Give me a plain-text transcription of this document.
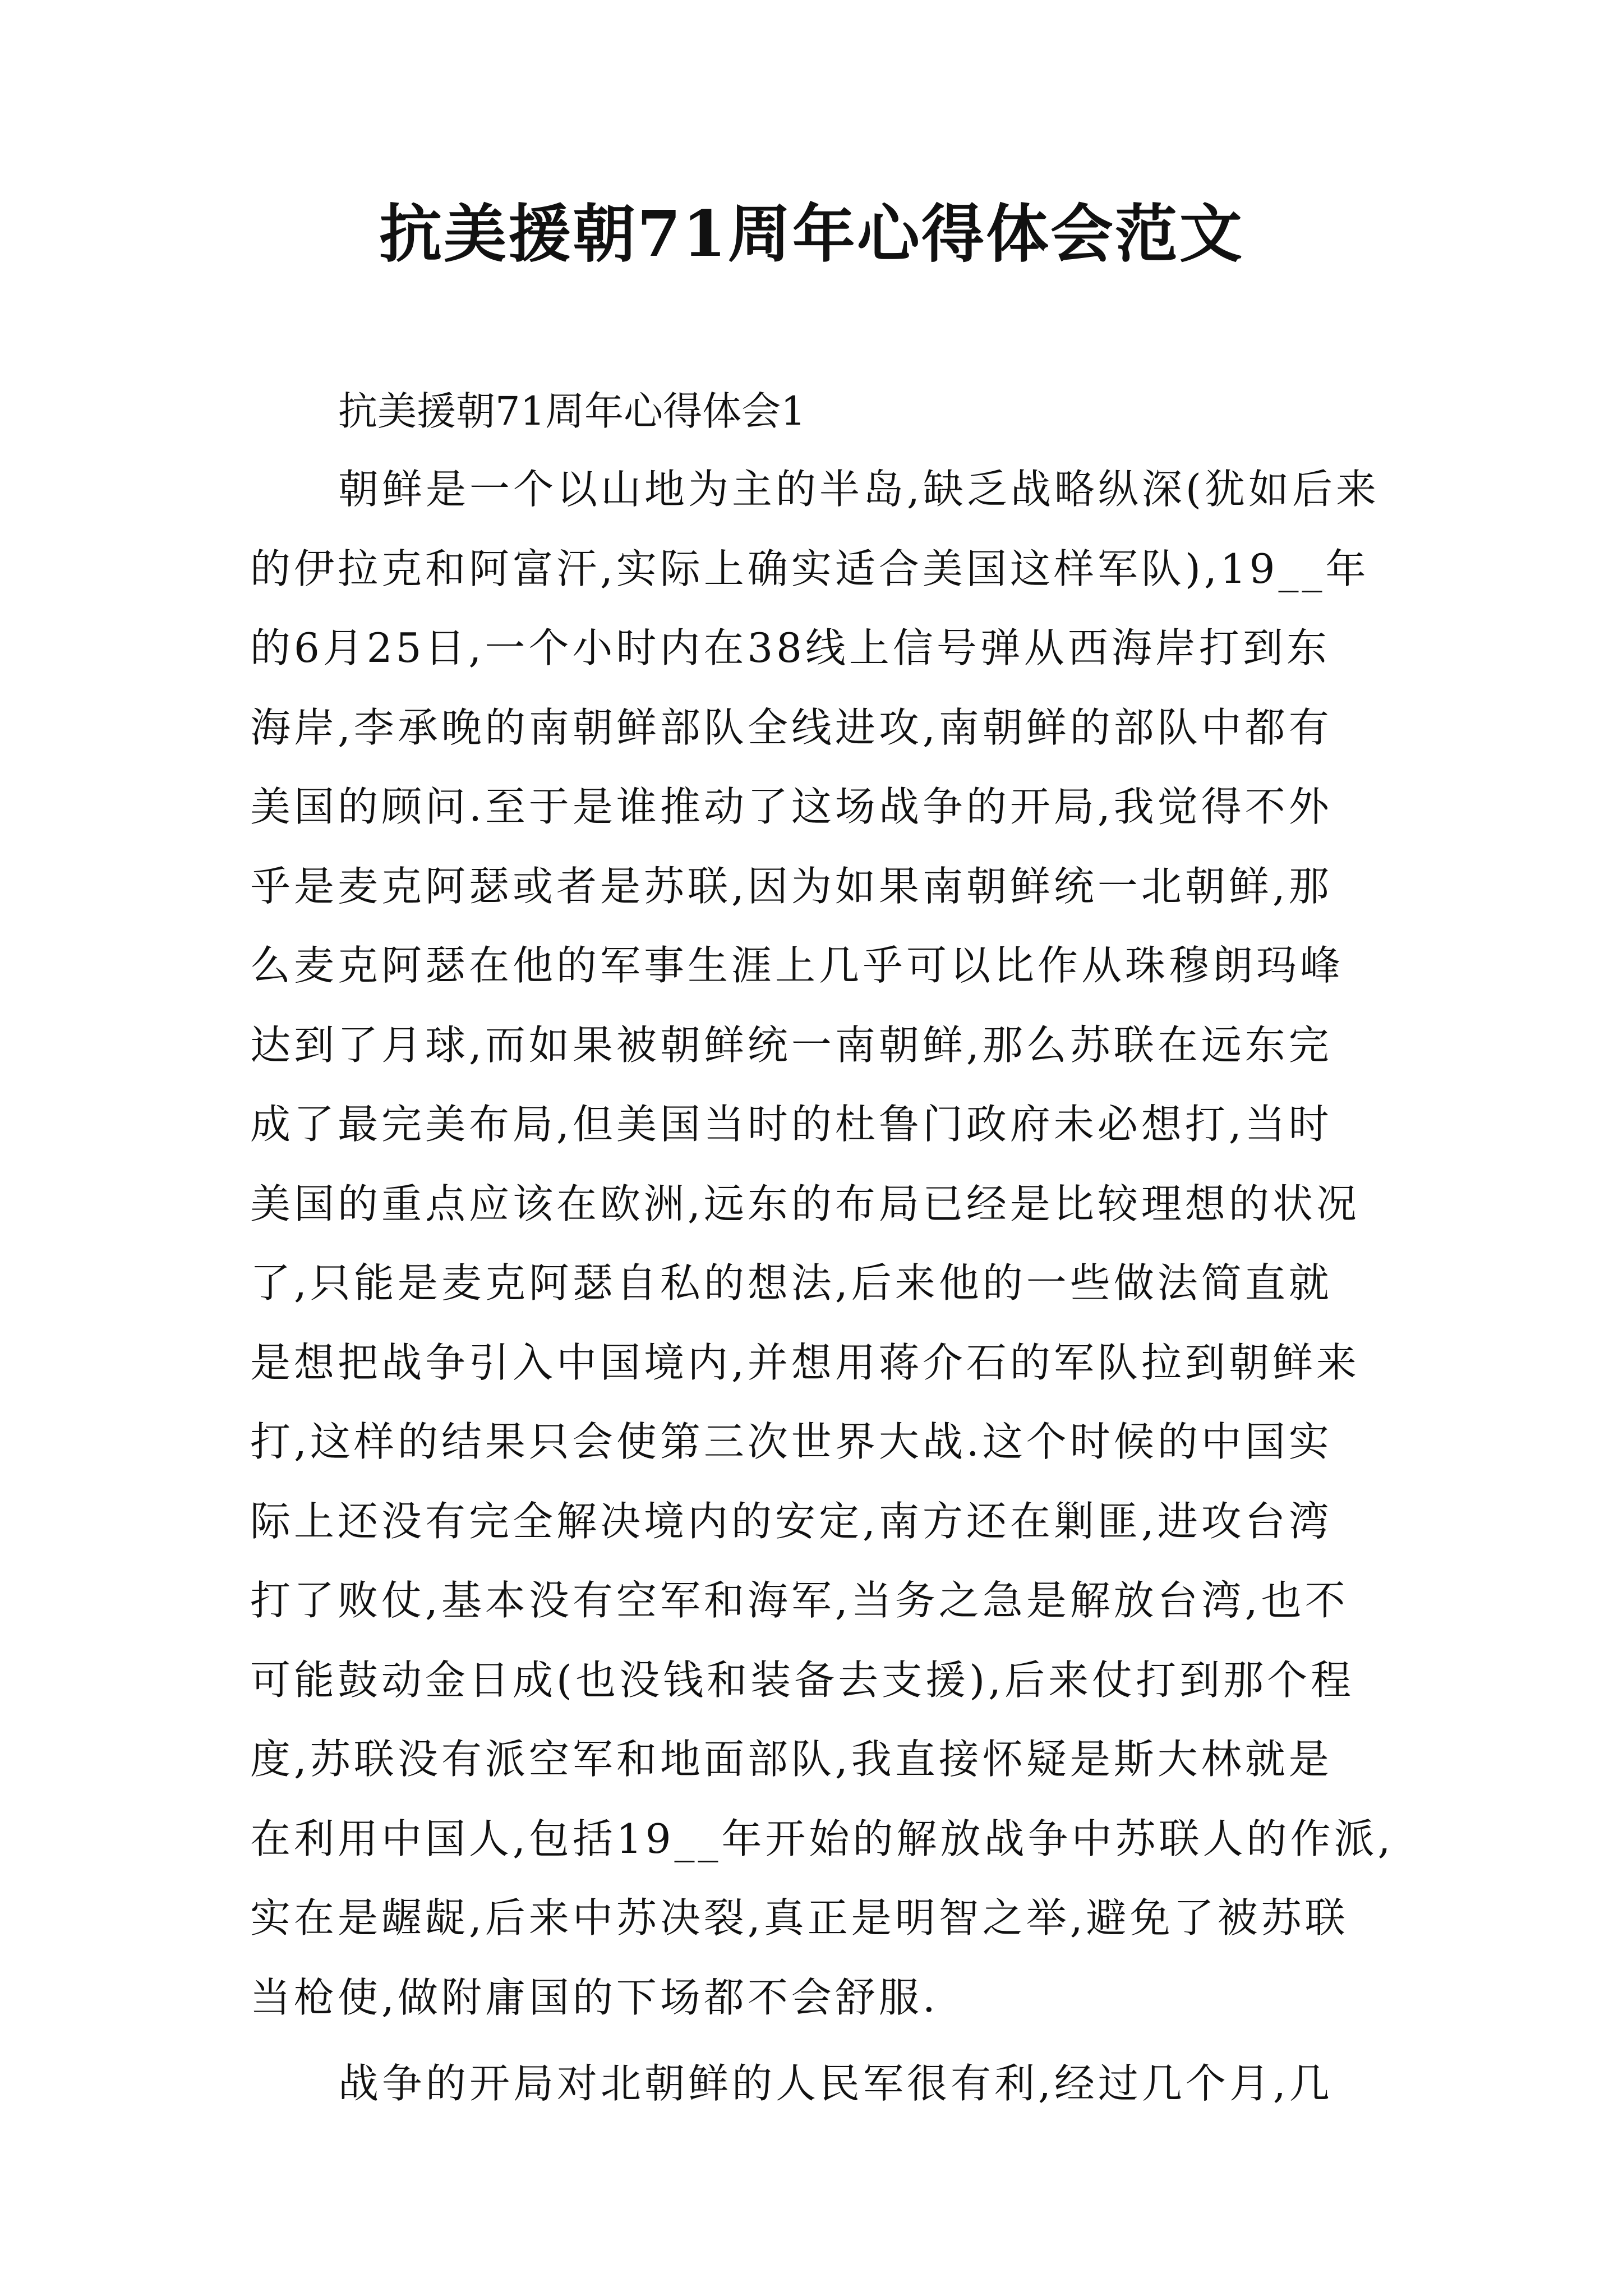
抗美援朝71周年心得体会范文
抗美援朝71周年心得体会1
朝鲜是一个以山地为主的半岛,缺乏战略纵深(犹如后来
的伊拉克和阿富汗,实际上确实适合美国这样军队),19__年
的6月25日,一个小时内在38线上信号弹从西海岸打到东
海岸,李承晚的南朝鲜部队全线进攻,南朝鲜的部队中都有
美国的顾问.至于是谁推动了这场战争的开局,我觉得不外
乎是麦克阿瑟或者是苏联,因为如果南朝鲜统一北朝鲜,那
么麦克阿瑟在他的军事生涯上几乎可以比作从珠穆朗玛峰
达到了月球,而如果被朝鲜统一南朝鲜,那么苏联在远东完
成了最完美布局,但美国当时的杜鲁门政府未必想打,当时
美国的重点应该在欧洲,远东的布局已经是比较理想的状况
了,只能是麦克阿瑟自私的想法,后来他的一些做法简直就
是想把战争引入中国境内,并想用蒋介石的军队拉到朝鲜来
打,这样的结果只会使第三次世界大战.这个时候的中国实
际上还没有完全解决境内的安定,南方还在剿匪,进攻台湾
打了败仗,基本没有空军和海军,当务之急是解放台湾,也不
可能鼓动金日成(也没钱和装备去支援),后来仗打到那个程
度,苏联没有派空军和地面部队,我直接怀疑是斯大林就是
在利用中国人,包括19__年开始的解放战争中苏联人的作派,
实在是龌龊,后来中苏决裂,真正是明智之举,避免了被苏联
当枪使,做附庸国的下场都不会舒服.
战争的开局对北朝鲜的人民军很有利,经过几个月,几
